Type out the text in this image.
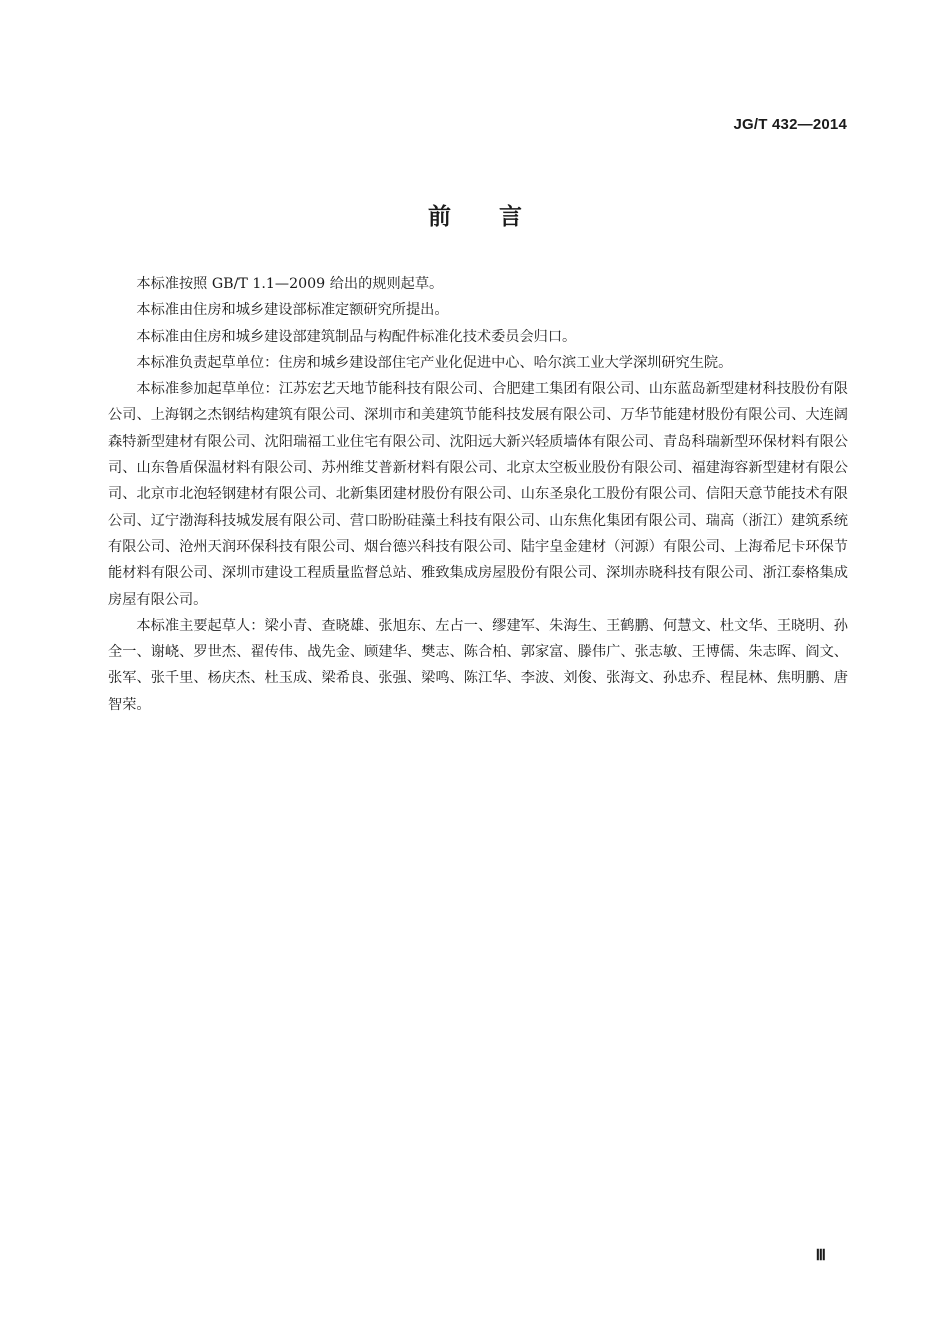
JG/T 432—2014
前言

本标准按照 GB/T 1.1—2009 给出的规则起草。

本标准由住房和城乡建设部标准定额研究所提出。

本标准由住房和城乡建设部建筑制品与构配件标准化技术委员会归口。

本标准负责起草单位：住房和城乡建设部住宅产业化促进中心、哈尔滨工业大学深圳研究生院。

本标准参加起草单位：江苏宏艺天地节能科技有限公司、合肥建工集团有限公司、山东蓝岛新型建材科技股份有限公司、上海钢之杰钢结构建筑有限公司、深圳市和美建筑节能科技发展有限公司、万华节能建材股份有限公司、大连阔森特新型建材有限公司、沈阳瑞福工业住宅有限公司、沈阳远大新兴轻质墙体有限公司、青岛科瑞新型环保材料有限公司、山东鲁盾保温材料有限公司、苏州维艾普新材料有限公司、北京太空板业股份有限公司、福建海容新型建材有限公司、北京市北泡轻钢建材有限公司、北新集团建材股份有限公司、山东圣泉化工股份有限公司、信阳天意节能技术有限公司、辽宁渤海科技城发展有限公司、营口盼盼硅藻土科技有限公司、山东焦化集团有限公司、瑞高（浙江）建筑系统有限公司、沧州天润环保科技有限公司、烟台德兴科技有限公司、陆宇皇金建材（河源）有限公司、上海希尼卡环保节能材料有限公司、深圳市建设工程质量监督总站、雅致集成房屋股份有限公司、深圳赤晓科技有限公司、浙江泰格集成房屋有限公司。

本标准主要起草人：梁小青、查晓雄、张旭东、左占一、缪建军、朱海生、王鹤鹏、何慧文、杜文华、王晓明、孙全一、谢峣、罗世杰、翟传伟、战先金、顾建华、樊志、陈合柏、郭家富、滕伟广、张志敏、王博儒、朱志晖、阎文、张军、张千里、杨庆杰、杜玉成、梁希良、张强、梁鸣、陈江华、李波、刘俊、张海文、孙忠乔、程昆林、焦明鹏、唐智荣。

Ⅲ
